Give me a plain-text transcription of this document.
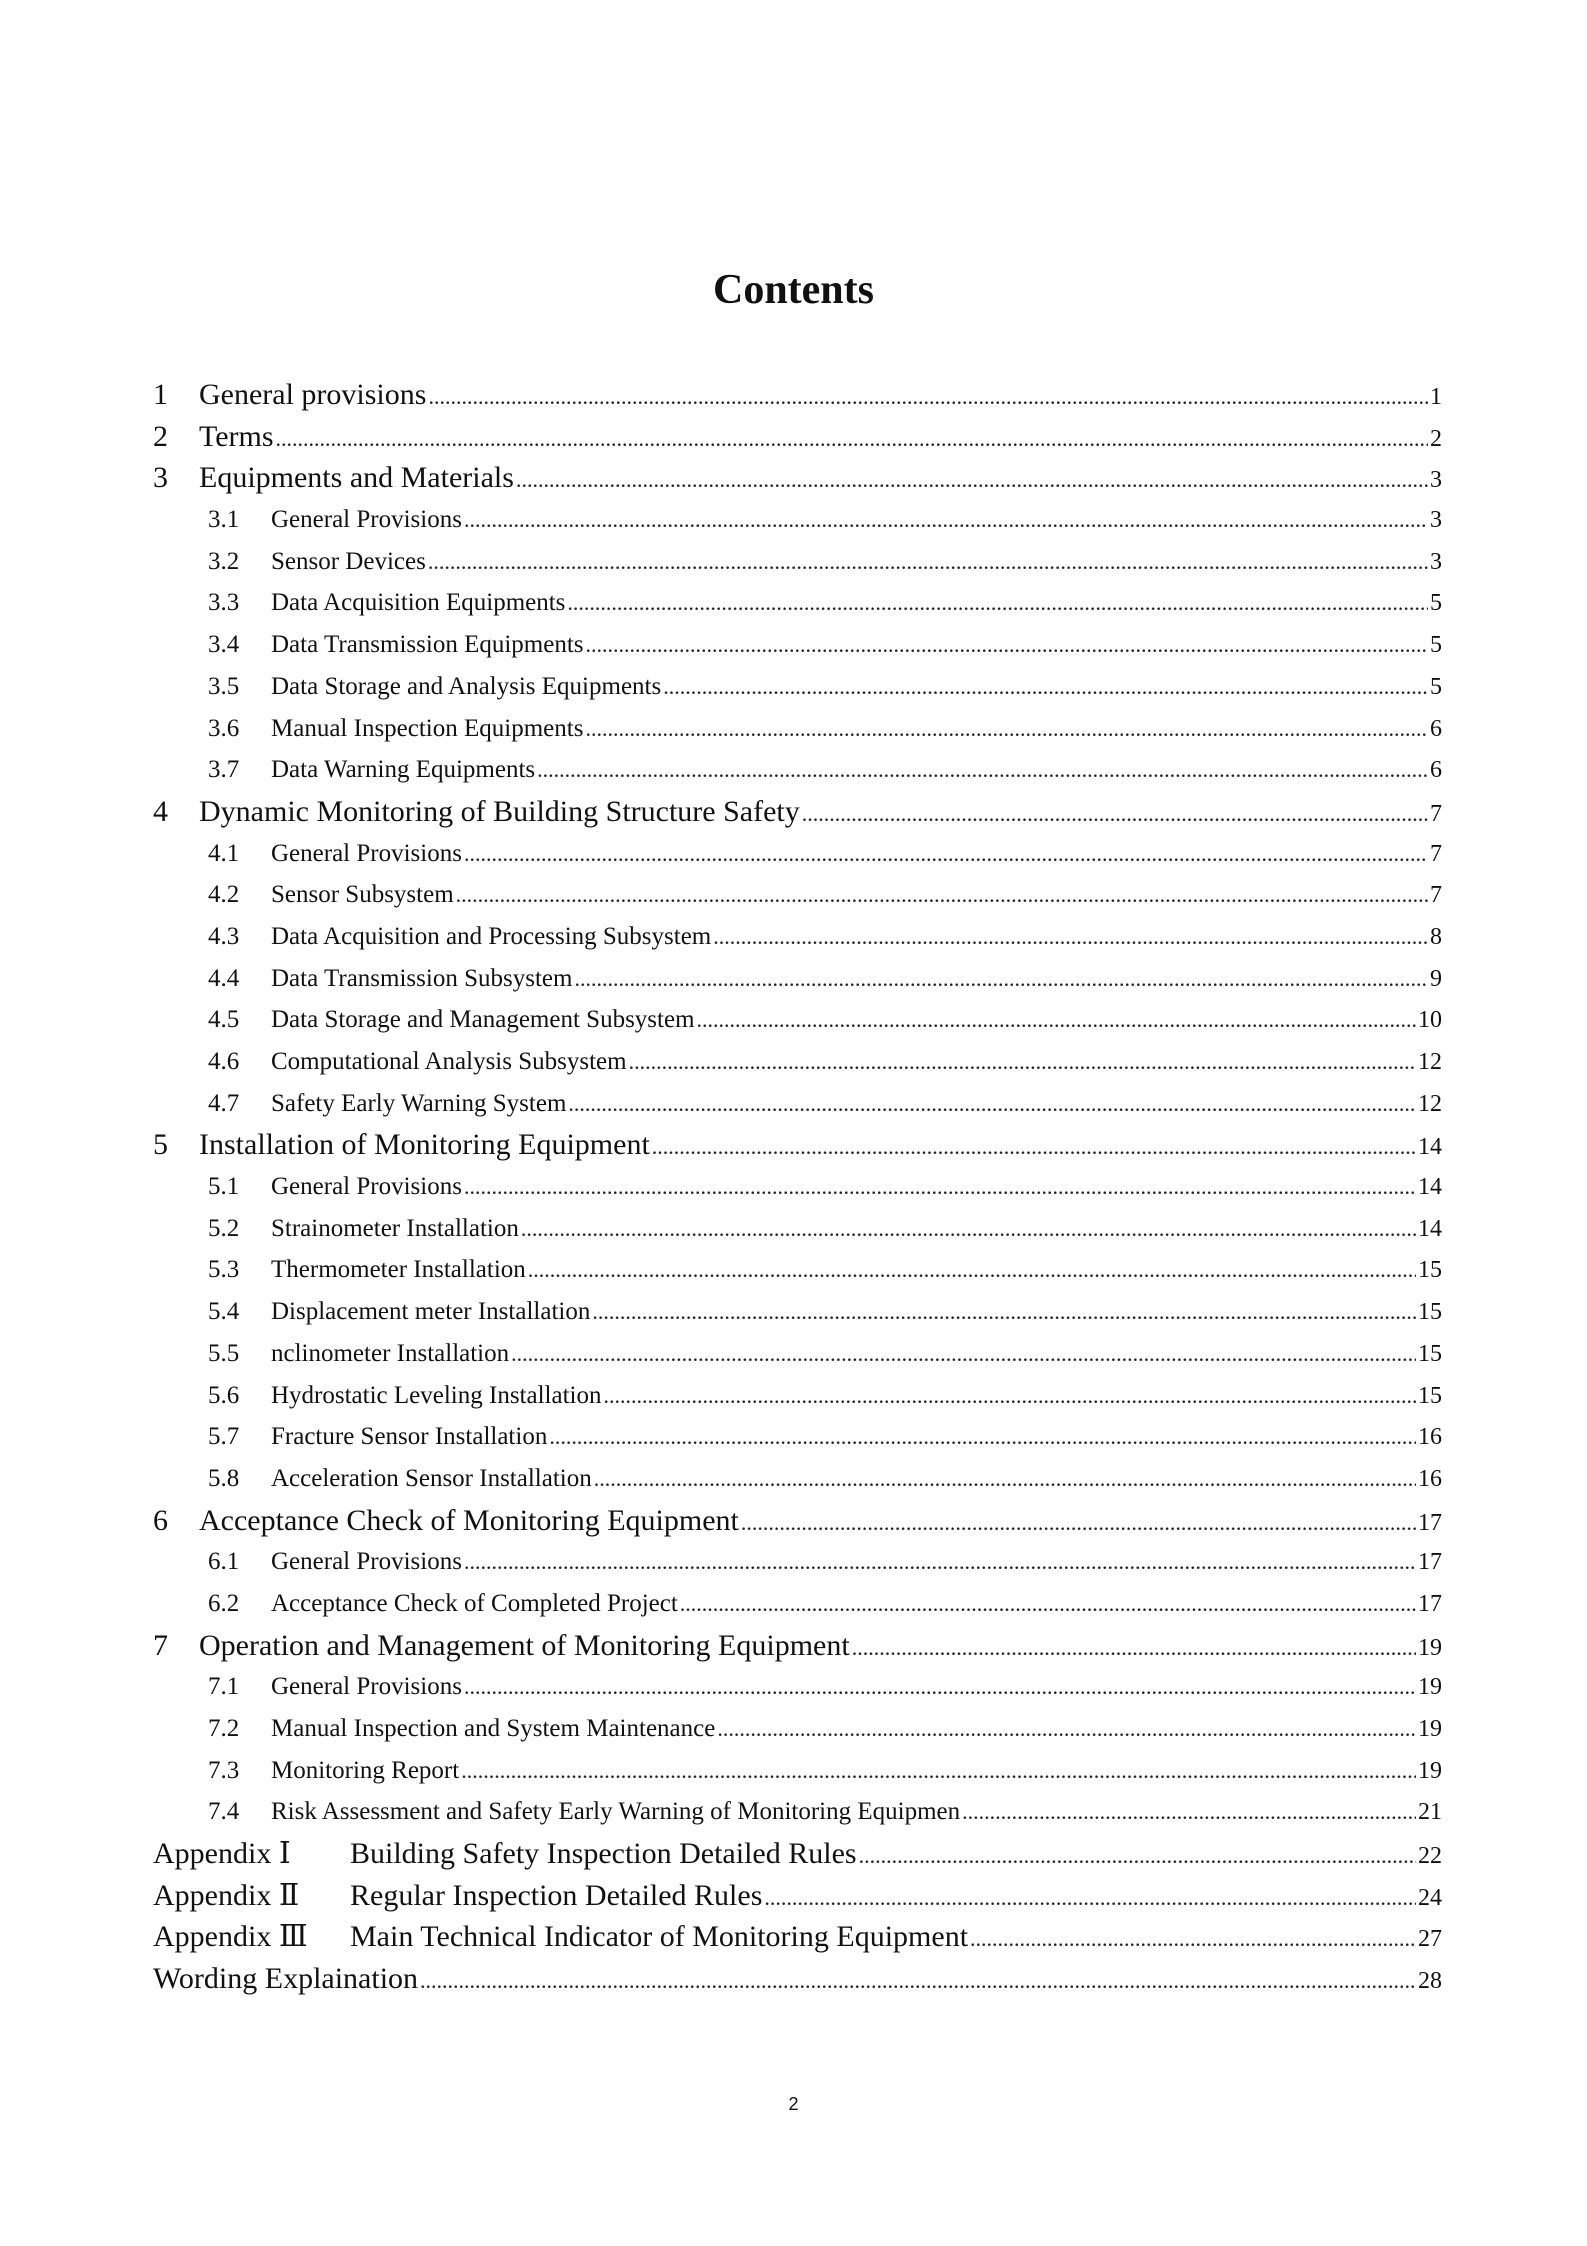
Contents
1	General provisions .....	1
2	Terms .....	2
3	Equipments and Materials .....	3
3.1	General Provisions .....	3
3.2	Sensor Devices .....	3
3.3	Data Acquisition Equipments .....	5
3.4	Data Transmission Equipments .....	5
3.5	Data Storage and Analysis Equipments .....	5
3.6	Manual Inspection Equipments .....	6
3.7	Data Warning Equipments .....	6
4	Dynamic Monitoring of Building Structure Safety .....	7
4.1	General Provisions .....	7
4.2	Sensor Subsystem .....	7
4.3	Data Acquisition and Processing Subsystem .....	8
4.4	Data Transmission Subsystem .....	9
4.5	Data Storage and Management Subsystem .....	10
4.6	Computational Analysis Subsystem .....	12
4.7	Safety Early Warning System .....	12
5	Installation of Monitoring Equipment .....	14
5.1	General Provisions .....	14
5.2	Strainometer Installation .....	14
5.3	Thermometer Installation .....	15
5.4	Displacement meter Installation .....	15
5.5	nclinometer Installation .....	15
5.6	Hydrostatic Leveling Installation .....	15
5.7	Fracture Sensor Installation .....	16
5.8	Acceleration Sensor Installation .....	16
6	Acceptance Check of Monitoring Equipment .....	17
6.1	General Provisions .....	17
6.2	Acceptance Check of Completed Project .....	17
7	Operation and Management of Monitoring Equipment .....	19
7.1	General Provisions .....	19
7.2	Manual Inspection and System Maintenance .....	19
7.3	Monitoring Report .....	19
7.4	Risk Assessment and Safety Early Warning of Monitoring Equipmen .....	21
Appendix Ⅰ	Building Safety Inspection Detailed Rules .....	22
Appendix Ⅱ	Regular Inspection Detailed Rules .....	24
Appendix Ⅲ	Main Technical Indicator of Monitoring Equipment .....	27
Wording Explaination .....	28
2
